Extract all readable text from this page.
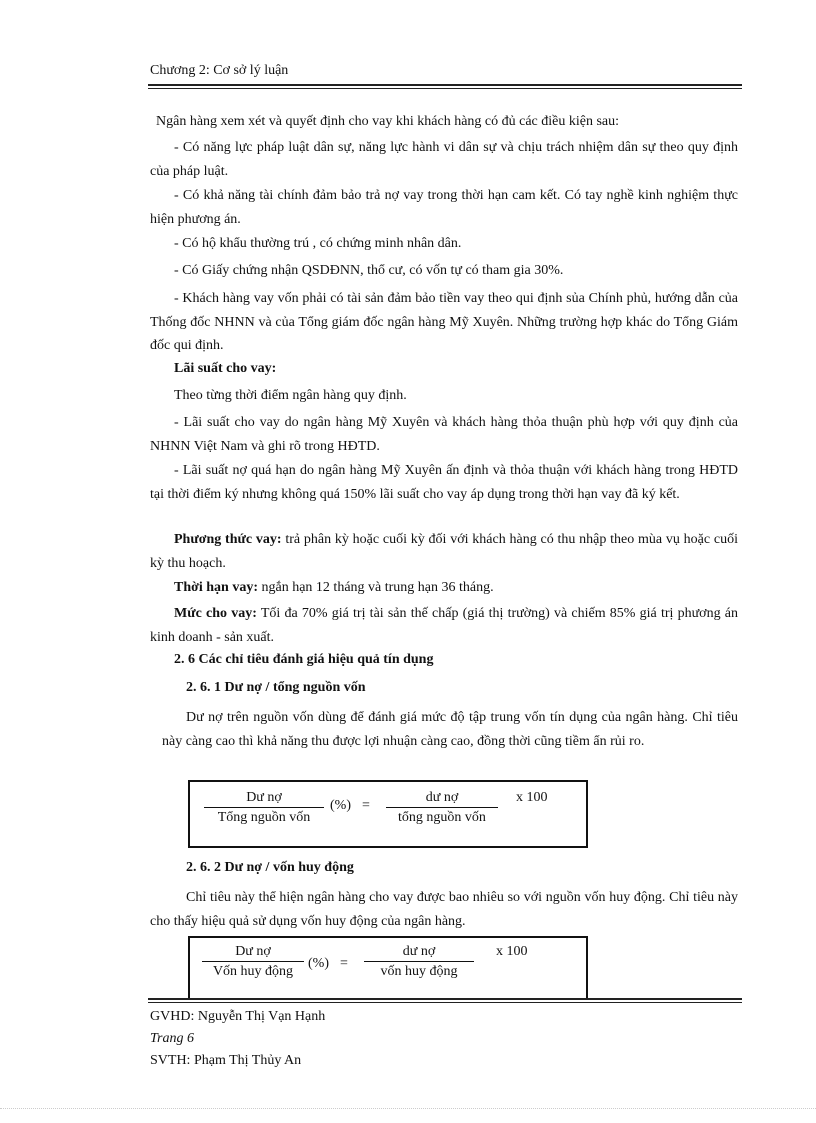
Chương 2: Cơ sở lý luận
Ngân hàng xem xét và quyết định cho vay khi khách hàng có đủ các điều kiện sau:
- Có năng lực pháp luật dân sự, năng lực hành vi dân sự và chịu trách nhiệm dân sự theo quy định của pháp luật.
- Có khả năng tài chính đảm bảo trả nợ vay trong thời hạn cam kết. Có tay nghề kinh nghiệm thực hiện phương án.
- Có hộ khẩu thường trú , có chứng minh nhân dân.
- Có Giấy chứng nhận QSDĐNN, thổ cư, có vốn tự có tham gia 30%.
- Khách hàng vay vốn phải có tài sản đảm bảo tiền vay theo qui định sủa Chính phủ, hướng dẫn của Thống đốc NHNN và của Tổng giám đốc ngân hàng Mỹ Xuyên. Những trường hợp khác do Tổng Giám đốc qui định.
Lãi suất cho vay:
Theo từng thời điểm ngân hàng quy định.
- Lãi suất cho vay do ngân hàng Mỹ Xuyên và khách hàng thỏa thuận phù hợp với quy định của NHNN Việt Nam và ghi rõ trong HĐTD.
- Lãi suất nợ quá hạn do ngân hàng Mỹ Xuyên ấn định và thỏa thuận với khách hàng trong HĐTD tại thời điểm ký nhưng không quá 150% lãi suất cho vay áp dụng trong thời hạn vay đã ký kết.
Phương thức vay: trả phân kỳ hoặc cuối kỳ đối với khách hàng có thu nhập theo mùa vụ hoặc cuối kỳ thu hoạch.
Thời hạn vay: ngắn hạn 12 tháng và trung hạn 36 tháng.
Mức cho vay: Tối đa 70% giá trị tài sản thế chấp (giá thị trường) và chiếm 85% giá trị phương án kinh doanh - sản xuất.
2. 6 Các chỉ tiêu đánh giá hiệu quả tín dụng
2. 6. 1 Dư nợ / tổng nguồn vốn
Dư nợ trên nguồn vốn dùng để đánh giá mức độ tập trung vốn tín dụng của ngân hàng. Chỉ tiêu này càng cao thì khả năng thu được lợi nhuận càng cao, đồng thời cũng tiềm ẩn rủi ro.
Dư nợ
Tổng nguồn vốn
(%) =
dư nợ
tổng nguồn vốn
x 100
2. 6. 2 Dư nợ / vốn huy động
Chỉ tiêu này thể hiện ngân hàng cho vay được bao nhiêu so với nguồn vốn huy động. Chỉ tiêu này cho thấy hiệu quả sử dụng vốn huy động của ngân hàng.
Dư nợ
Vốn huy động
(%) =
dư nợ
vốn huy động
x 100
GVHD: Nguyễn Thị Vạn Hạnh
Trang 6
SVTH: Phạm Thị Thủy An
